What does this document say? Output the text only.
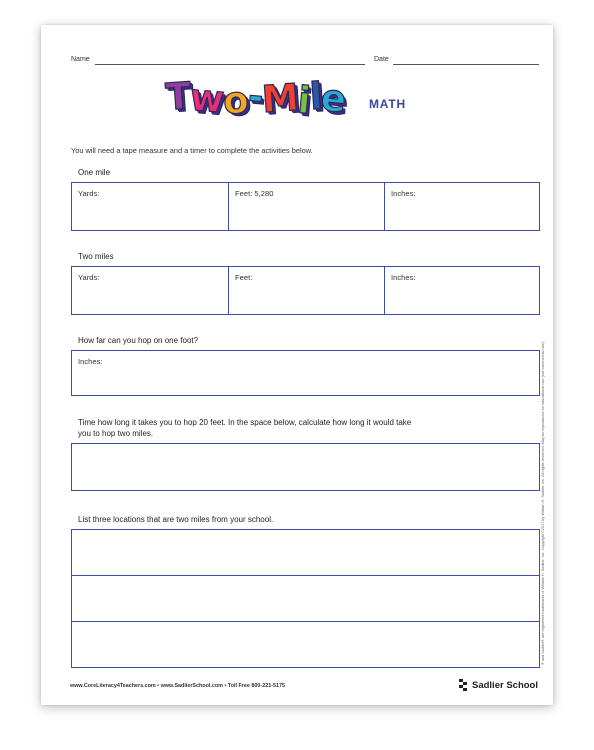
Name	Date
Two-Mile MATH
You will need a tape measure and a timer to complete the activities below.
One mile
Yards:	Feet: 5,280	Inches:
Two miles
Yards:	Feet:	Inches:
How far can you hop on one foot?
Inches:
Time how long it takes you to hop 20 feet. In the space below, calculate how long it would take
you to hop two miles.
List three locations that are two miles from your school.
www.CoreLiteracy4Teachers.com • www.SadlierSchool.com • Toll Free 800-221-5175	Sadlier School
® and Sadlier® are registered trademarks of William H. Sadlier, Inc. Copyright ©2017 by William H. Sadlier, Inc. All rights reserved. May be reproduced for educational use (not commercial use).
